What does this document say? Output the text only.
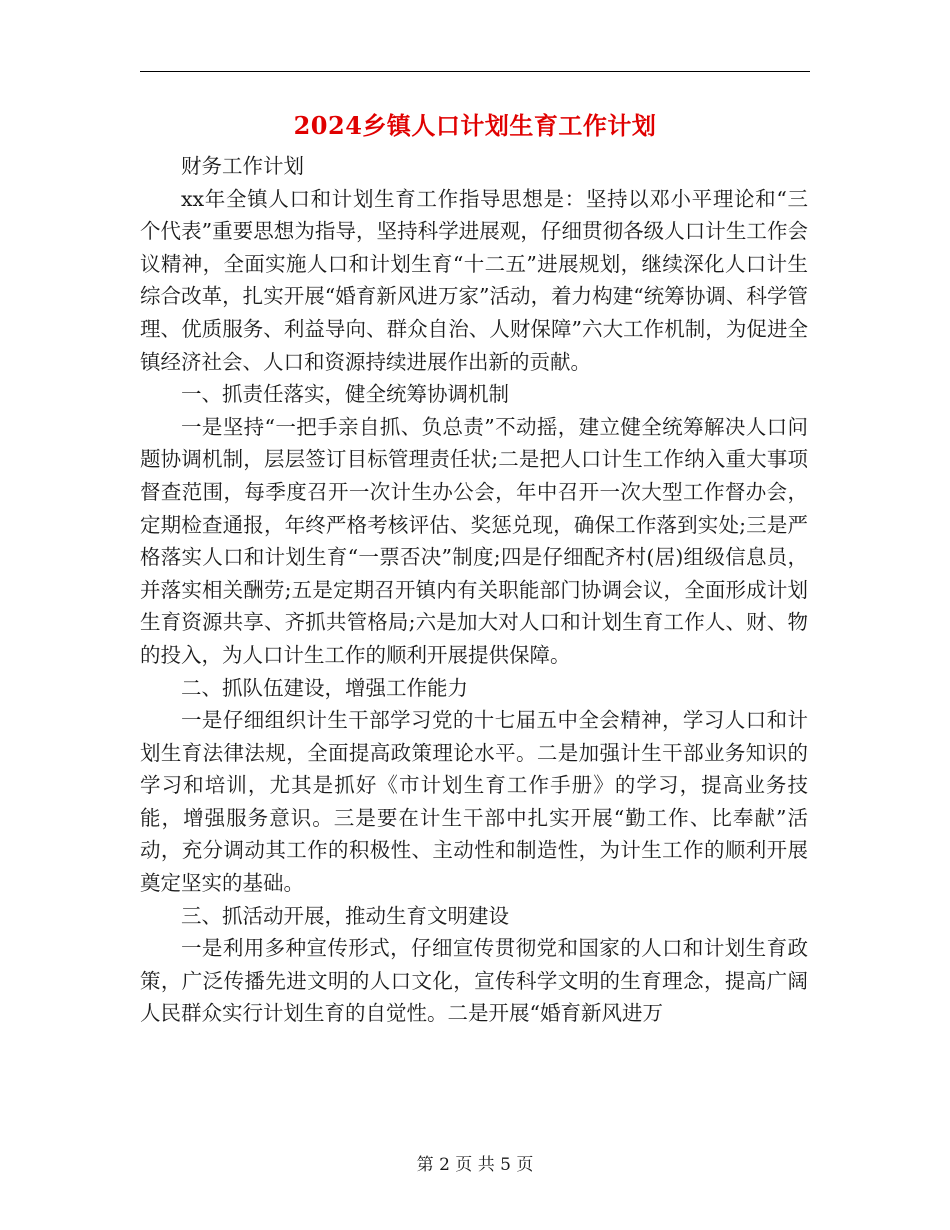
2024乡镇人口计划生育工作计划

财务工作计划

xx年全镇人口和计划生育工作指导思想是：坚持以邓小平理论和“三个代表”重要思想为指导，坚持科学进展观，仔细贯彻各级人口计生工作会议精神，全面实施人口和计划生育“十二五”进展规划，继续深化人口计生综合改革，扎实开展“婚育新风进万家”活动，着力构建“统筹协调、科学管理、优质服务、利益导向、群众自治、人财保障”六大工作机制，为促进全镇经济社会、人口和资源持续进展作出新的贡献。

一、抓责任落实，健全统筹协调机制

一是坚持“一把手亲自抓、负总责”不动摇，建立健全统筹解决人口问题协调机制，层层签订目标管理责任状;二是把人口计生工作纳入重大事项督查范围，每季度召开一次计生办公会，年中召开一次大型工作督办会，定期检查通报，年终严格考核评估、奖惩兑现，确保工作落到实处;三是严格落实人口和计划生育“一票否决”制度;四是仔细配齐村(居)组级信息员，并落实相关酬劳;五是定期召开镇内有关职能部门协调会议，全面形成计划生育资源共享、齐抓共管格局;六是加大对人口和计划生育工作人、财、物的投入，为人口计生工作的顺利开展提供保障。

二、抓队伍建设，增强工作能力

一是仔细组织计生干部学习党的十七届五中全会精神，学习人口和计划生育法律法规，全面提高政策理论水平。二是加强计生干部业务知识的学习和培训，尤其是抓好《市计划生育工作手册》的学习，提高业务技能，增强服务意识。三是要在计生干部中扎实开展“勤工作、比奉献”活动，充分调动其工作的积极性、主动性和制造性，为计生工作的顺利开展奠定坚实的基础。

三、抓活动开展，推动生育文明建设

一是利用多种宣传形式，仔细宣传贯彻党和国家的人口和计划生育政策，广泛传播先进文明的人口文化，宣传科学文明的生育理念，提高广阔人民群众实行计划生育的自觉性。二是开展“婚育新风进万

第 2 页 共 5 页
